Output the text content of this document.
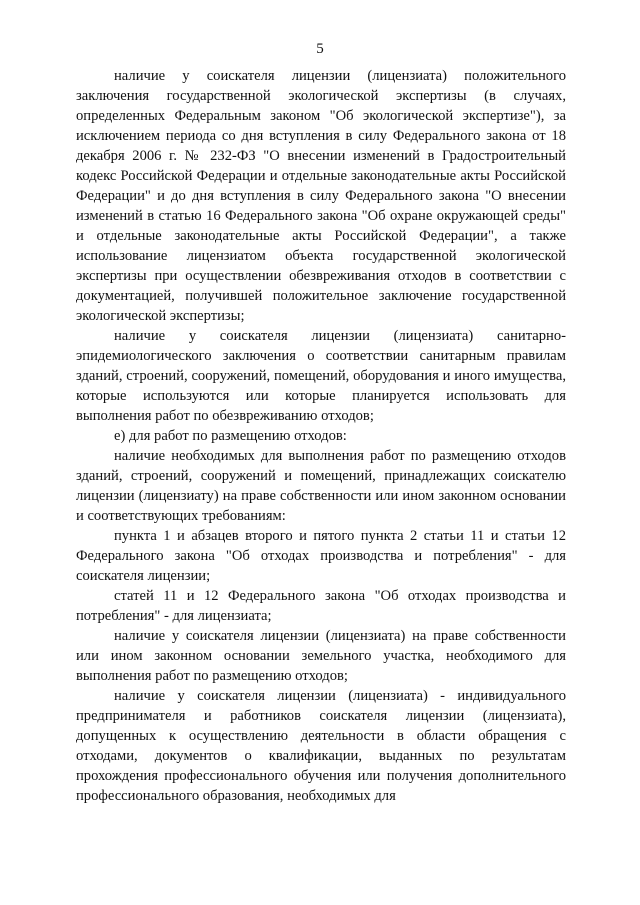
5

наличие у соискателя лицензии (лицензиата) положительного заключения государственной экологической экспертизы (в случаях, определенных Федеральным законом "Об экологической экспертизе"), за исключением периода со дня вступления в силу Федерального закона от 18 декабря 2006 г. № 232-ФЗ "О внесении изменений в Градостроительный кодекс Российской Федерации и отдельные законодательные акты Российской Федерации" и до дня вступления в силу Федерального закона "О внесении изменений в статью 16 Федерального закона "Об охране окружающей среды" и отдельные законодательные акты Российской Федерации", а также использование лицензиатом объекта государственной экологической экспертизы при осуществлении обезвреживания отходов в соответствии с документацией, получившей положительное заключение государственной экологической экспертизы;

наличие у соискателя лицензии (лицензиата) санитарно-эпидемиологического заключения о соответствии санитарным правилам зданий, строений, сооружений, помещений, оборудования и иного имущества, которые используются или которые планируется использовать для выполнения работ по обезвреживанию отходов;

е) для работ по размещению отходов:

наличие необходимых для выполнения работ по размещению отходов зданий, строений, сооружений и помещений, принадлежащих соискателю лицензии (лицензиату) на праве собственности или ином законном основании и соответствующих требованиям:

пункта 1 и абзацев второго и пятого пункта 2 статьи 11 и статьи 12 Федерального закона "Об отходах производства и потребления" - для соискателя лицензии;

статей 11 и 12 Федерального закона "Об отходах производства и потребления" - для лицензиата;

наличие у соискателя лицензии (лицензиата) на праве собственности или ином законном основании земельного участка, необходимого для выполнения работ по размещению отходов;

наличие у соискателя лицензии (лицензиата) - индивидуального предпринимателя и работников соискателя лицензии (лицензиата), допущенных к осуществлению деятельности в области обращения с отходами, документов о квалификации, выданных по результатам прохождения профессионального обучения или получения дополнительного профессионального образования, необходимых для
